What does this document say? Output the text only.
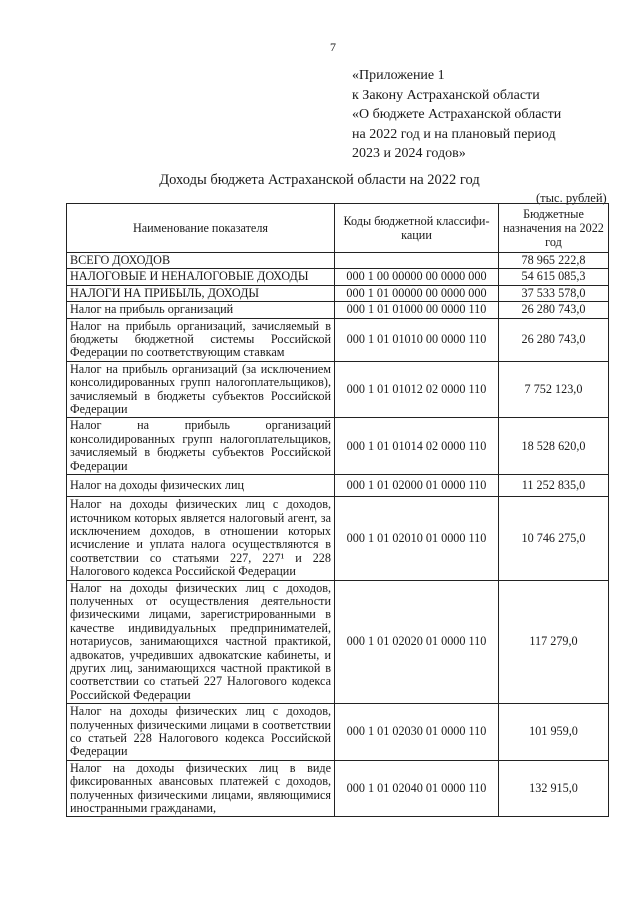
7
«Приложение 1
к Закону Астраханской области
«О бюджете Астраханской области
на 2022 год и на плановый период
2023 и 2024 годов»
Доходы бюджета Астраханской области на 2022 год
(тыс. рублей)
Наименование показателя	Коды бюджетной классифи-кации	Бюджетные назначения на 2022 год
ВСЕГО ДОХОДОВ		78 965 222,8
НАЛОГОВЫЕ И НЕНАЛОГОВЫЕ ДОХОДЫ	000 1 00 00000 00 0000 000	54 615 085,3
НАЛОГИ НА ПРИБЫЛЬ, ДОХОДЫ	000 1 01 00000 00 0000 000	37 533 578,0
Налог на прибыль организаций	000 1 01 01000 00 0000 110	26 280 743,0
Налог на прибыль организаций, зачисляемый в бюджеты бюджетной системы Российской Федерации по соответствующим ставкам	000 1 01 01010 00 0000 110	26 280 743,0
Налог на прибыль организаций (за исключением консолидированных групп налогоплательщиков), зачисляемый в бюджеты субъектов Российской Федерации	000 1 01 01012 02 0000 110	7 752 123,0
Налог на прибыль организаций консолидированных групп налогоплательщиков, зачисляемый в бюджеты субъектов Российской Федерации	000 1 01 01014 02 0000 110	18 528 620,0
Налог на доходы физических лиц	000 1 01 02000 01 0000 110	11 252 835,0
Налог на доходы физических лиц с доходов, источником которых является налоговый агент, за исключением доходов, в отношении которых исчисление и уплата налога осуществляются в соответствии со статьями 227, 227¹ и 228 Налогового кодекса Российской Федерации	000 1 01 02010 01 0000 110	10 746 275,0
Налог на доходы физических лиц с доходов, полученных от осуществления деятельности физическими лицами, зарегистрированными в качестве индивидуальных предпринимателей, нотариусов, занимающихся частной практикой, адвокатов, учредивших адвокатские кабинеты, и других лиц, занимающихся частной практикой в соответствии со статьей 227 Налогового кодекса Российской Федерации	000 1 01 02020 01 0000 110	117 279,0
Налог на доходы физических лиц с доходов, полученных физическими лицами в соответствии со статьей 228 Налогового кодекса Российской Федерации	000 1 01 02030 01 0000 110	101 959,0
Налог на доходы физических лиц в виде фиксированных авансовых платежей с доходов, полученных физическими лицами, являющимися иностранными гражданами,	000 1 01 02040 01 0000 110	132 915,0
